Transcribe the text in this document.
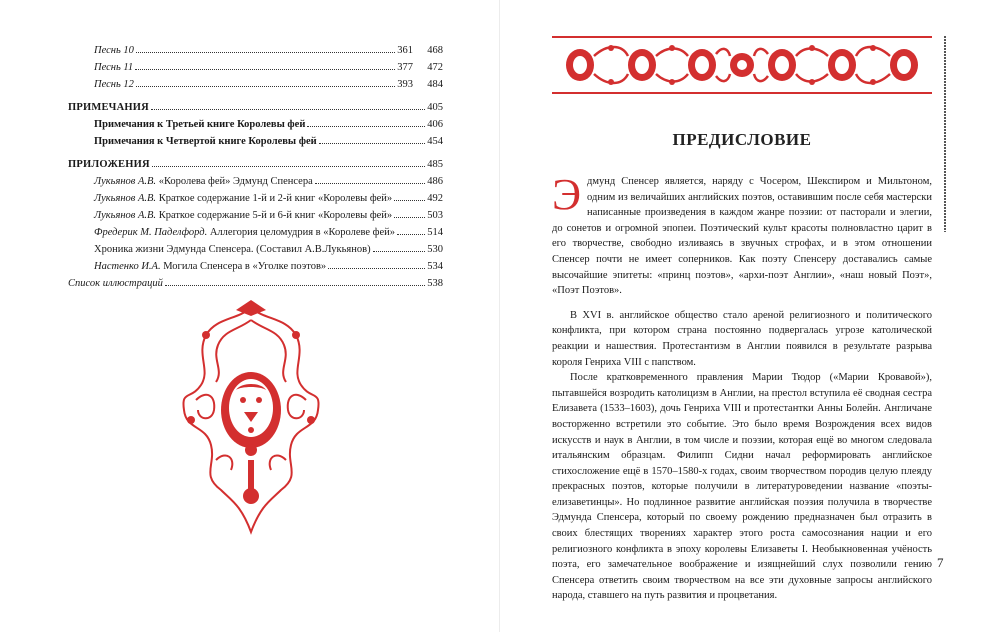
Песнь 10	361	468
Песнь 11	377	472
Песнь 12	393	484
ПРИМЕЧАНИЯ	405
Примечания к Третьей книге Королевы фей	406
Примечания к Четвертой книге Королевы фей	454
ПРИЛОЖЕНИЯ	485
Лукьянов А.В. «Королева фей» Эдмунд Спенсера	486
Лукьянов А.В. Краткое содержание 1-й и 2-й книг «Королевы фей»	492
Лукьянов А.В. Краткое содержание 5-й и 6-й книг «Королевы фей»	503
Фредерик М. Паделфорд. Аллегория целомудрия в «Королеве фей»	514
Хроника жизни Эдмунда Спенсера. (Составил А.В.Лукьянов)	530
Настенко И.А. Могила Спенсера в «Уголке поэтов»	534
Список иллюстраций	538
ПРЕДИСЛОВИЕ

Эдмунд Спенсер является, наряду с Чосером, Шекспиром и Мильтоном, одним из величайших английских поэтов, оставившим после себя мастерски написанные произведения в каждом жанре поэзии: от пасторали и элегии, до сонетов и огромной эпопеи. Поэтический культ красоты полновластно царит в его творчестве, свободно изливаясь в звучных строфах, и в этом отношении Спенсер почти не имеет соперников. Как поэту Спенсеру доставались самые высочайшие эпитеты: «принц поэтов», «архи-поэт Англии», «наш новый Поэт», «Поэт Поэтов».

В XVI в. английское общество стало ареной религиозного и политического конфликта, при котором страна постоянно подвергалась угрозе католической реакции и нашествия. Протестантизм в Англии появился в результате разрыва короля Генриха VIII с папством.

После кратковременного правления Марии Тюдор («Марии Кровавой»), пытавшейся возродить католицизм в Англии, на престол вступила её сводная сестра Елизавета (1533–1603), дочь Генриха VIII и протестантки Анны Болейн. Англичане восторженно встретили это событие. Это было время Возрождения всех видов искусств и наук в Англии, в том числе и поэзии, которая ещё во многом следовала итальянским образцам. Филипп Сидни начал реформировать английское стихосложение ещё в 1570–1580-х годах, своим творчеством породив целую плеяду прекрасных поэтов, которые получили в литературоведении название «поэты-елизаветинцы». Но подлинное развитие английская поэзия получила в творчестве Эдмунда Спенсера, который по своему рождению предназначен был отразить в своих блестящих творениях характер этого роста самосознания нации и его религиозного конфликта в эпоху королевы Елизаветы I. Необыкновенная учёность поэта, его замечательное воображение и изящнейший слух позволили гению Спенсера ответить своим творчеством на все эти духовные запросы английского народа, ставшего на путь развития и процветания.

7
